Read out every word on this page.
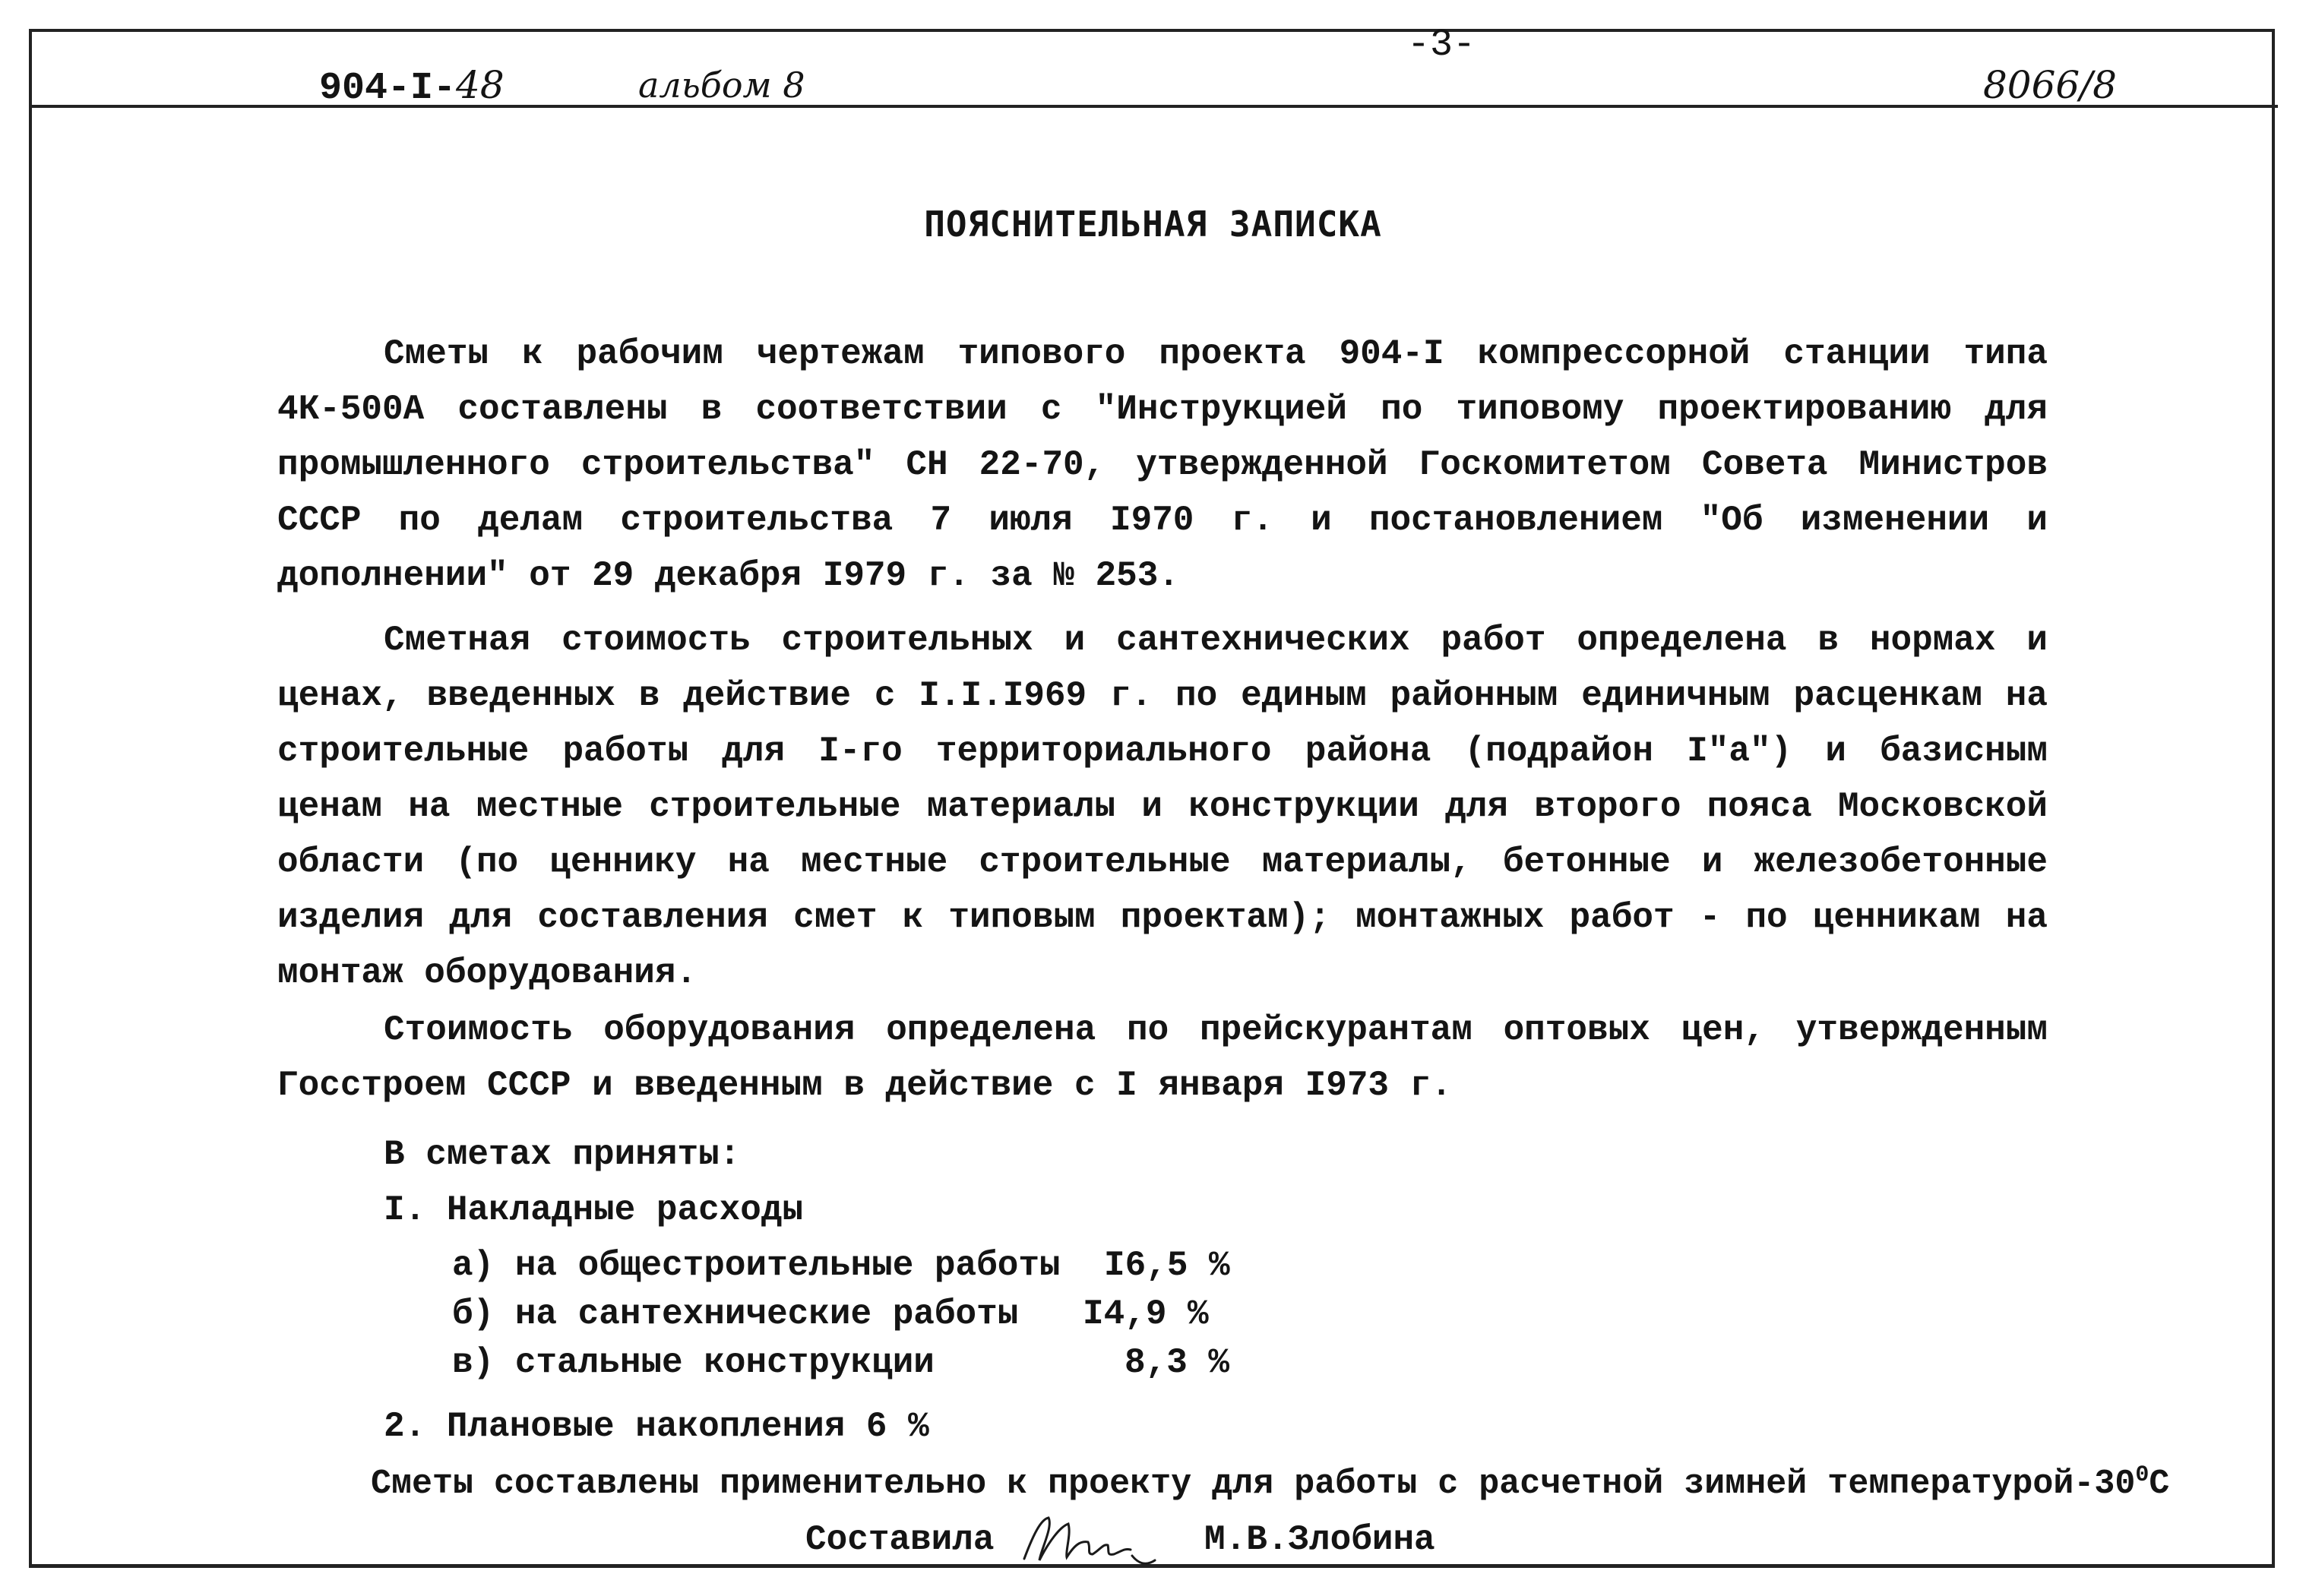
904-I-48	альбом 8
-3-
8066/8
ПОЯСНИТЕЛЬНАЯ ЗАПИСКА

Сметы к рабочим чертежам типового проекта 904-I компрессорной станции типа 4К-500А составлены в соответствии с "Инструкцией по типовому проектированию для промышленного строительства" СН 22-70, утвержденной Госкомитетом Совета Министров СССР по делам строительства 7 июля I970 г. и постановлением "Об изменении и дополнении" от 29 декабря I979 г. за № 253.

Сметная стоимость строительных и сантехнических работ определена в нормах и ценах, введенных в действие с I.I.I969 г. по единым районным единичным расценкам на строительные работы для I-го территориального района (подрайон I"а") и базисным ценам на местные строительные материалы и конструкции для второго пояса Московской области (по ценнику на местные строительные материалы, бетонные и железобетонные изделия для составления смет к типовым проектам); монтажных работ - по ценникам на монтаж оборудования.

Стоимость оборудования определена по прейскурантам оптовых цен, утвержденным Госстроем СССР и введенным в действие с I января I973 г.

В сметах приняты:
I. Накладные расходы
а) на общестроительные работы I6,5 %
б) на сантехнические работы I4,9 %
в) стальные конструкции	8,3 %
2. Плановые накопления 6 %
Сметы составлены применительно к проекту для работы с расчетной зимней температурой-$30^0С$
Составила	М.В.Злобина
